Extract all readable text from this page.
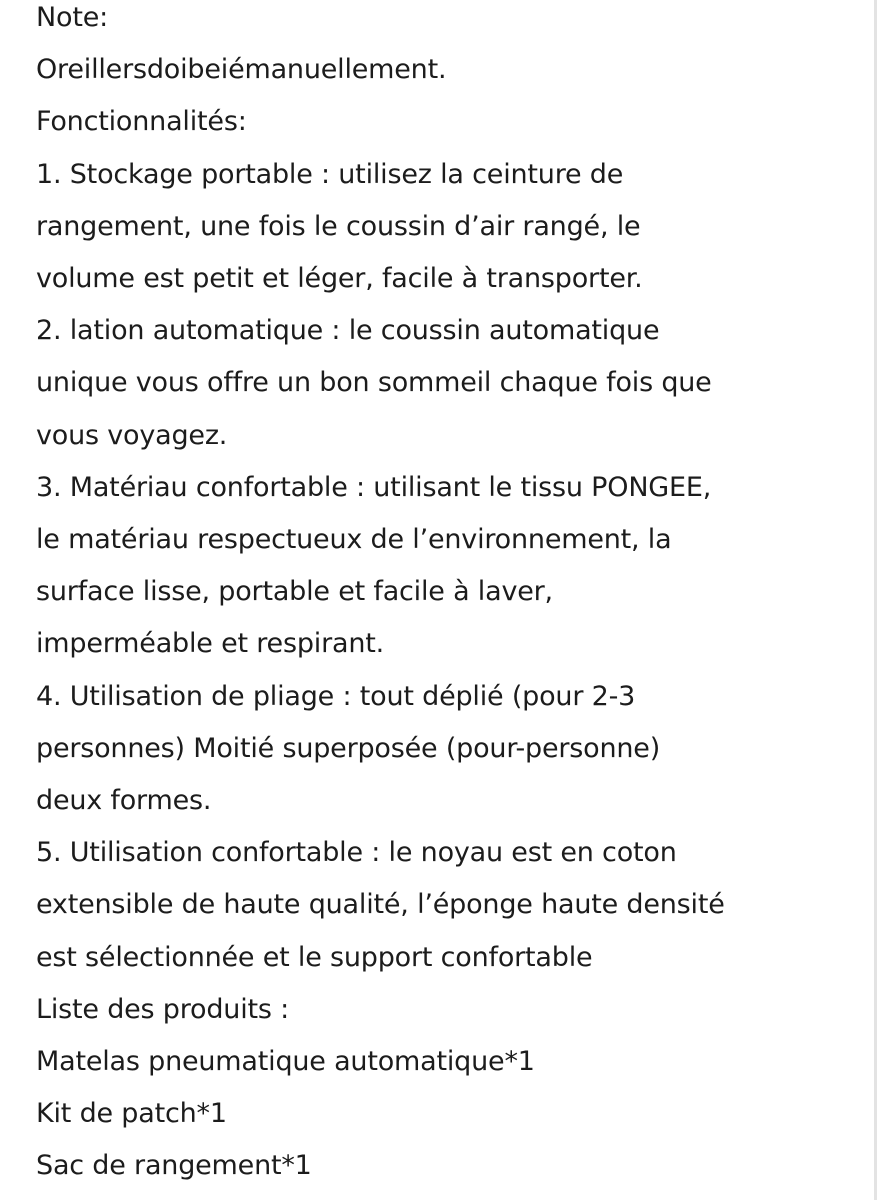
Note:

Oreillersdoibeiémanuellement.

Fonctionnalités:

1. Stockage portable : utilisez la ceinture de

rangement, une fois le coussin d’air rangé, le

volume est petit et léger, facile à transporter.

2. lation automatique : le coussin automatique

unique vous offre un bon sommeil chaque fois que

vous voyagez.

3. Matériau confortable : utilisant le tissu PONGEE,

le matériau respectueux de l’environnement, la

surface lisse, portable et facile à laver,

imperméable et respirant.

4. Utilisation de pliage : tout déplié (pour 2-3

personnes) Moitié superposée (pour-personne)

deux formes.

5. Utilisation confortable : le noyau est en coton

extensible de haute qualité, l’éponge haute densité

est sélectionnée et le support confortable

Liste des produits :

Matelas pneumatique automatique*1

Kit de patch*1

Sac de rangement*1
